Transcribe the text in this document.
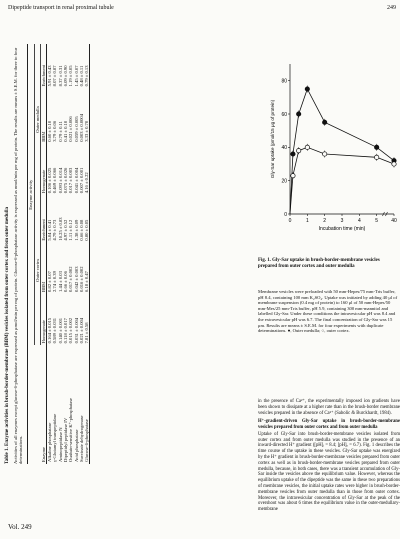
Dipeptide transport in renal proximal tubule	249
Table 1. Enzyme activities in brush-border-membrane (BBM) vesicles isolated from outer cortex and from outer medulla Activities of all enzymes except glucose-6-phosphatase are expressed as μmol/min per mg of protein. Glucose-6-phosphatase activity is expressed as nmol/min per mg of protein. The results are means ± S.E.M. for three to four determinations.
	Enzyme activity					
	Outer cortex			Outer medulla		
Enzyme	Homogenate	BBM	Enrichment	Homogenate	BBM	Enrichment
Alkaline phosphatase	0.164 ± 0.015	0.82 ± 0.07	5.04 ± 0.41	0.106 ± 0.025	0.60 ± 0.10	5.91 ± 0.43
γ-Glutamyl transpeptidase	0.589 ± 0.031	2.74 ± 0.39	4.79 ± 0.73	0.469 ± 0.066	3.79 ± 0.06	8.07 ± 0.87
Aminopeptidase N	0.140 ± 0.001	1.44 ± 0.03	10.25 ± 0.83	0.093 ± 0.014	0.79 ± 0.11	8.37 ± 0.31
Dipeptidyl peptidase IV	0.118 ± 0.017	0.66 ± 0.06	4.97 ± 0.52	0.075 ± 0.026	0.41 ± 0.10	6.09 ± 0.90
Ouabain-sensitive K⁺-phosphatase	0.015 ± 0.002	0.017 ± 0.002	1.11 ± 0.12	0.017 ± 0.003	0.021 ± 0.006	1.19 ± 0.05
Acid phosphatase	0.031 ± 0.004	0.042 ± 0.003	1.38 ± 0.09	0.041 ± 0.004	0.059 ± 0.005	1.45 ± 0.07
Succinate dehydrogenase	0.021 ± 0.004	0.016 ± 0.002	0.66 ± 0.08	0.007 ± 0.001	0.003 ± 0.0004	0.48 ± 0.11
Glucose-6-phosphatase	7.81 ± 0.58	6.18 ± 0.47	0.80 ± 0.05	4.16 ± 0.22	3.33 ± 0.70	0.79 ± 0.13
0
20
40
60
80
0	1	2	3	4	5	40
Incubation time (min)
Gly-Sar uptake (pmol/15 μg of protein)
Fig. 1. Gly-Sar uptake in brush-border-membrane vesicles prepared from outer cortex and outer medulla
Membrane vesicles were preloaded with 50 mm-Hepes/75 mm-Tris buffer, pH 8.4, containing 100 mm K₂SO₄. Uptake was initiated by adding 40 μl of membrane suspension (0.4 mg of protein) to 160 μl of 50 mm-Hepes/50 mm-Mes/25 mm-Tris buffer, pH 5.9, containing 300 mm-mannitol and labelled Gly-Sar. Under these conditions the intravesicular pH was 8.4 and the extravesicular pH was 6.7. The final concentration of Gly-Sar was 15 μm. Results are means ± S.E.M. for four experiments with duplicate determinations. ●, Outer medulla; ○, outer cortex.

in the presence of Ca²⁺, the experimentally imposed ion gradients have been shown to dissipate at a higher rate than in the brush-border membrane vesicles prepared in the absence of Ca²⁺ (Sabolic & Burckhardt, 1984).

H⁺-gradient-driven Gly-Sar uptake in brush-border-membrane vesicles prepared from outer cortex and from outer medulla

Uptake of Gly-Sar into brush-border-membrane vesicles isolated from outer cortex and from outer medulla was studied in the presence of an inward-directed H⁺ gradient ([pH]ᵢ = 8.4; [pH]ₒ = 6.7). Fig. 1 describes the time course of the uptake in these vesicles. Gly-Sar uptake was energized by the H⁺ gradient in brush-border-membrane vesicles prepared from outer cortex as well as in brush-border-membrane vesicles prepared from outer medulla, because, in both cases, there was a transient accumulation of Gly-Sar inside the vesicles above the equilibrium value. However, whereas the equilibrium uptake of the dipeptide was the same in these two preparations of membrane vesicles, the initial uptake rates were higher in brush-border-membrane vesicles from outer medulla than in those from outer cortex. Moreover, the intravesicular concentration of Gly-Sar at the peak of the overshoot was about 6 times the equilibrium value in the outer-medullary-membrane

Vol. 249
